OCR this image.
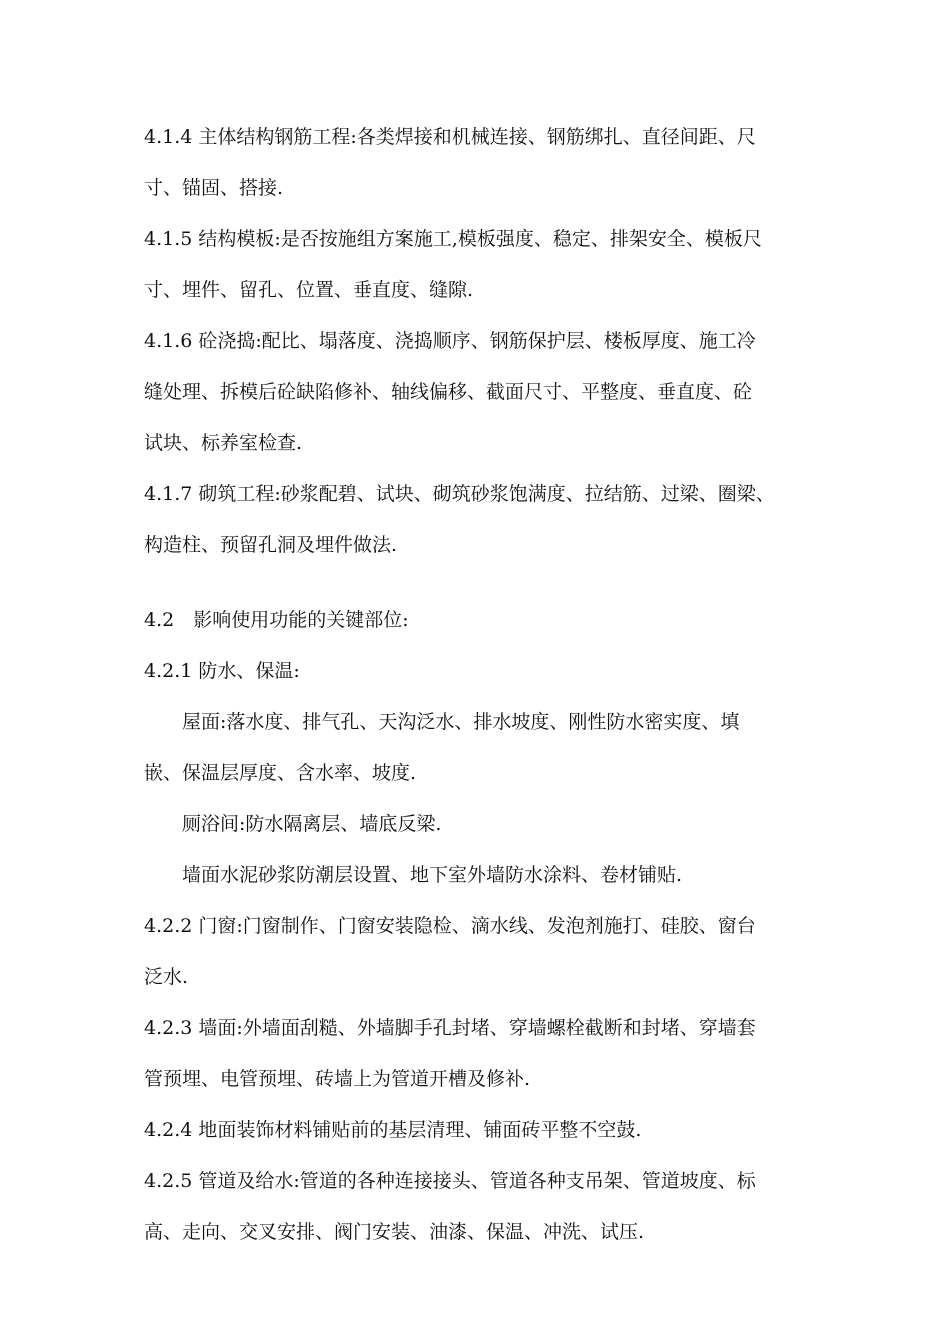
4.1.4 主体结构钢筋工程:各类焊接和机械连接、钢筋绑扎、直径间距、尺
寸、锚固、搭接.
4.1.5 结构模板:是否按施组方案施工,模板强度、稳定、排架安全、模板尺
寸、埋件、留孔、位置、垂直度、缝隙.
4.1.6 砼浇捣:配比、塌落度、浇捣顺序、钢筋保护层、楼板厚度、施工冷
缝处理、拆模后砼缺陷修补、轴线偏移、截面尺寸、平整度、垂直度、砼
试块、标养室检查.
4.1.7 砌筑工程:砂浆配碧、试块、砌筑砂浆饱满度、拉结筋、过梁、圈梁、
构造柱、预留孔洞及埋件做法.
4.2　影响使用功能的关键部位:
4.2.1 防水、保温:
　　屋面:落水度、排气孔、天沟泛水、排水坡度、刚性防水密实度、填
嵌、保温层厚度、含水率、坡度.
　　厕浴间:防水隔离层、墙底反梁.
　　墙面水泥砂浆防潮层设置、地下室外墙防水涂料、卷材铺贴.
4.2.2 门窗:门窗制作、门窗安装隐检、滴水线、发泡剂施打、硅胶、窗台
泛水.
4.2.3 墙面:外墙面刮糙、外墙脚手孔封堵、穿墙螺栓截断和封堵、穿墙套
管预埋、电管预埋、砖墙上为管道开槽及修补.
4.2.4 地面装饰材料铺贴前的基层清理、铺面砖平整不空鼓.
4.2.5 管道及给水:管道的各种连接接头、管道各种支吊架、管道坡度、标
高、走向、交叉安排、阀门安装、油漆、保温、冲洗、试压.
